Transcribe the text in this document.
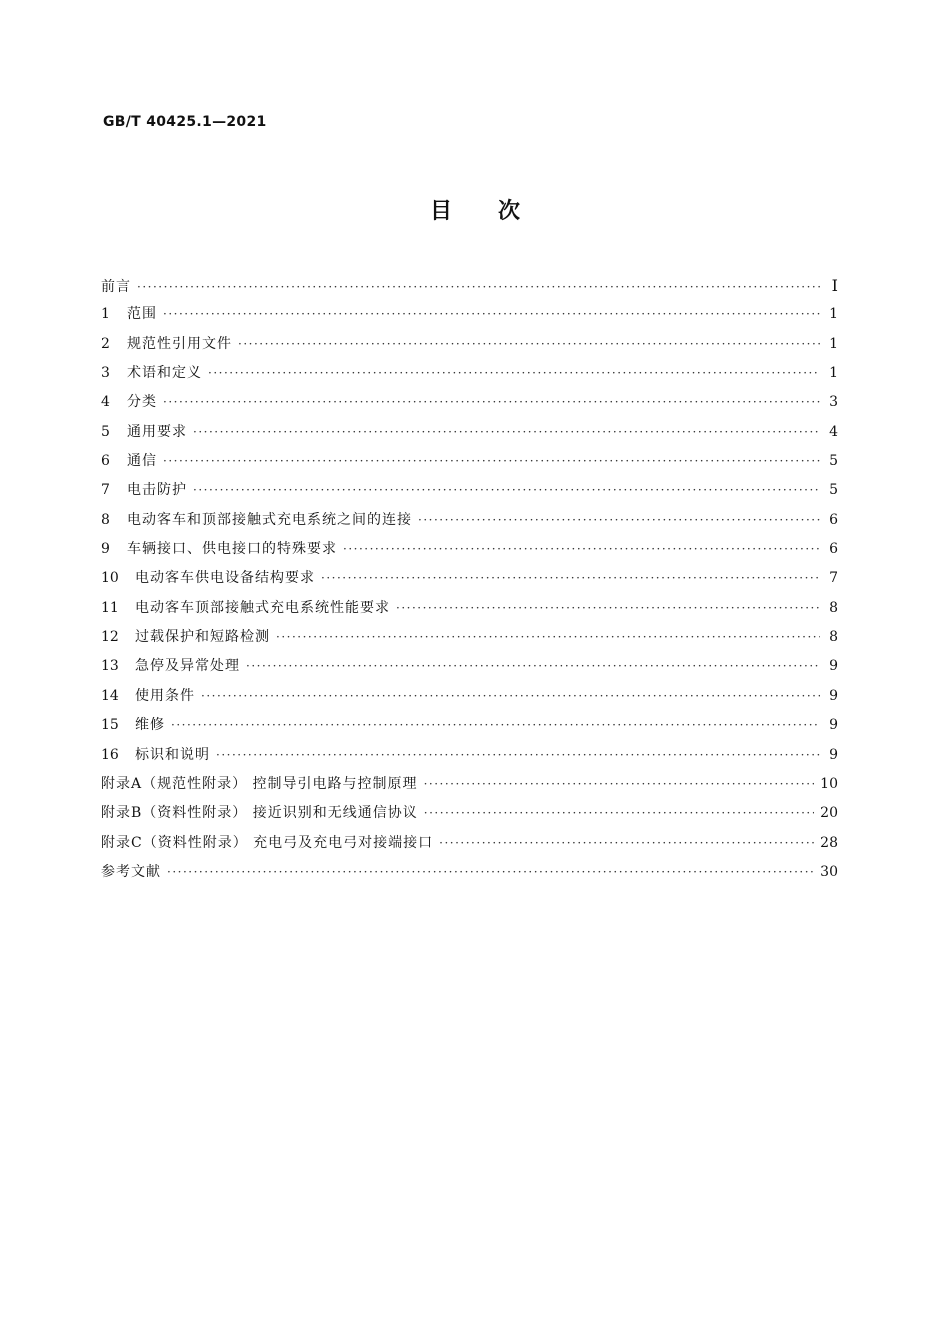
GB/T 40425.1—2021
目次
前言 ·····	I
1	范围 ·····	1
2	规范性引用文件 ·····	1
3	术语和定义 ·····	1
4	分类 ·····	3
5	通用要求 ·····	4
6	通信 ·····	5
7	电击防护 ·····	5
8	电动客车和顶部接触式充电系统之间的连接 ·····	6
9	车辆接口、供电接口的特殊要求 ·····	6
10	电动客车供电设备结构要求 ·····	7
11	电动客车顶部接触式充电系统性能要求 ·····	8
12	过载保护和短路检测 ·····	8
13	急停及异常处理 ·····	9
14	使用条件 ·····	9
15	维修 ·····	9
16	标识和说明 ·····	9
附录A（规范性附录） 控制导引电路与控制原理 ·····	10
附录B（资料性附录） 接近识别和无线通信协议 ·····	20
附录C（资料性附录） 充电弓及充电弓对接端接口 ·····	28
参考文献 ·····	30
